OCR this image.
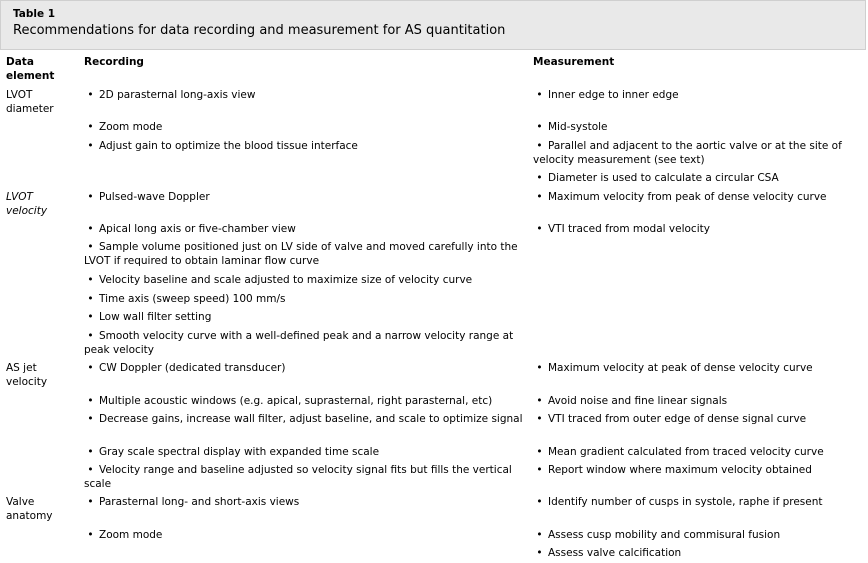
Table 1
Recommendations for data recording and measurement for AS quantitation
Data element
Recording	Measurement
LVOT diameter
• 2D parasternal long-axis view
• Zoom mode
• Adjust gain to optimize the blood tissue interface
• Inner edge to inner edge
• Mid-systole
• Parallel and adjacent to the aortic valve or at the site of velocity measurement (see text)
• Diameter is used to calculate a circular CSA
LVOT velocity
• Pulsed-wave Doppler
• Apical long axis or five-chamber view
• Sample volume positioned just on LV side of valve and moved carefully into the LVOT if required to obtain laminar flow curve
• Velocity baseline and scale adjusted to maximize size of velocity curve
• Time axis (sweep speed) 100 mm/s
• Low wall filter setting
• Smooth velocity curve with a well-defined peak and a narrow velocity range at peak velocity
• Maximum velocity from peak of dense velocity curve
• VTI traced from modal velocity
AS jet velocity
• CW Doppler (dedicated transducer)
• Multiple acoustic windows (e.g. apical, suprasternal, right parasternal, etc)
• Decrease gains, increase wall filter, adjust baseline, and scale to optimize signal
• Gray scale spectral display with expanded time scale
• Velocity range and baseline adjusted so velocity signal fits but fills the vertical scale
• Maximum velocity at peak of dense velocity curve
• Avoid noise and fine linear signals
• VTI traced from outer edge of dense signal curve
• Mean gradient calculated from traced velocity curve
• Report window where maximum velocity obtained
Valve anatomy
• Parasternal long- and short-axis views
• Zoom mode
• Identify number of cusps in systole, raphe if present
• Assess cusp mobility and commisural fusion
• Assess valve calcification
